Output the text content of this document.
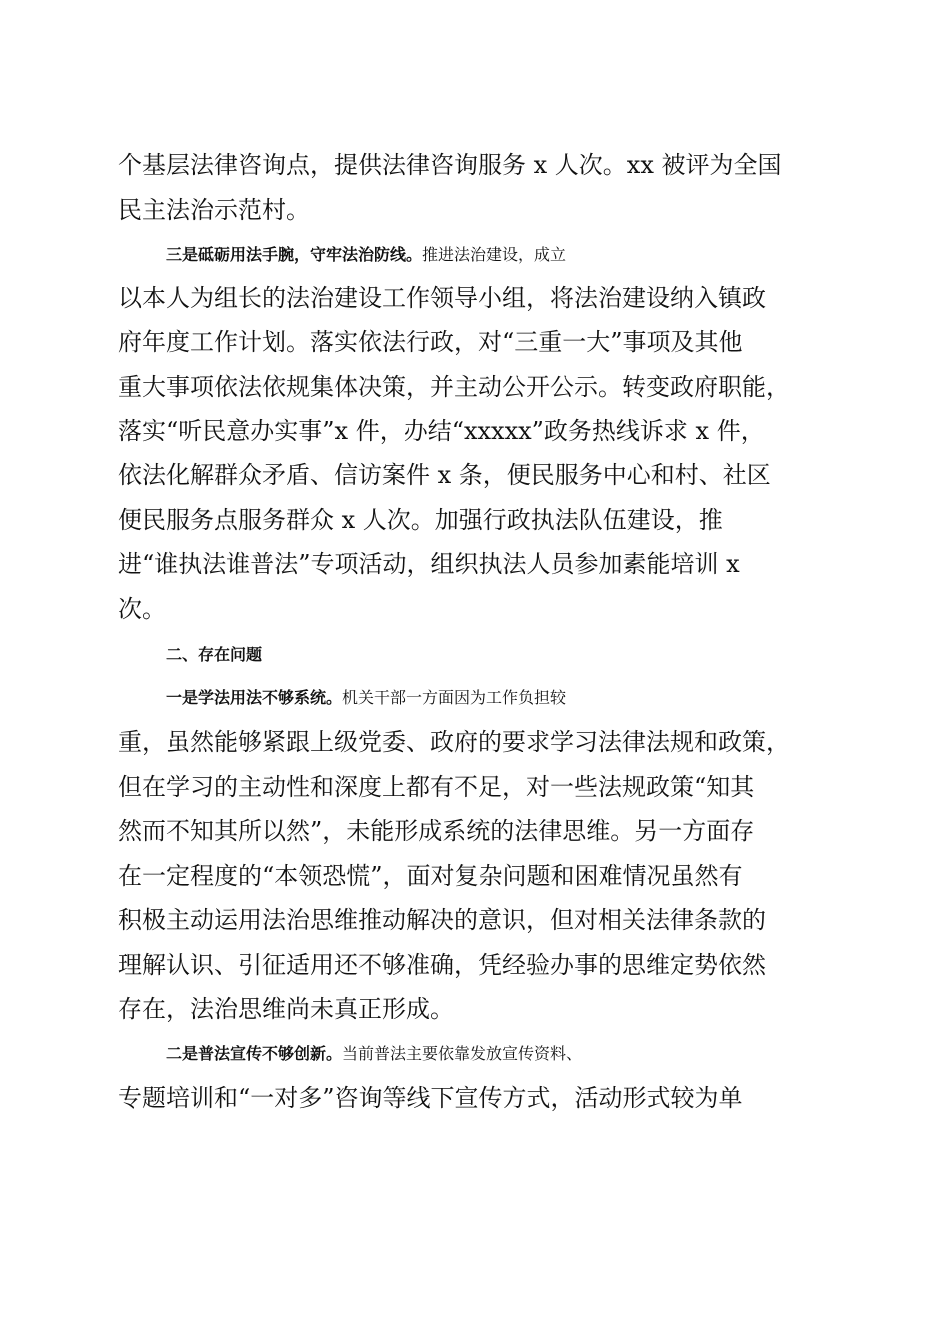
个基层法律咨询点，提供法律咨询服务 x 人次。xx 被评为全国
民主法治示范村。
三是砥砺用法手腕，守牢法治防线。推进法治建设，成立
以本人为组长的法治建设工作领导小组，将法治建设纳入镇政
府年度工作计划。落实依法行政，对“三重一大”事项及其他
重大事项依法依规集体决策，并主动公开公示。转变政府职能，
落实“听民意办实事”x 件，办结“xxxxx”政务热线诉求 x 件，
依法化解群众矛盾、信访案件 x 条，便民服务中心和村、社区
便民服务点服务群众 x 人次。加强行政执法队伍建设，推
进“谁执法谁普法”专项活动，组织执法人员参加素能培训 x
次。
二、存在问题
一是学法用法不够系统。机关干部一方面因为工作负担较
重，虽然能够紧跟上级党委、政府的要求学习法律法规和政策，
但在学习的主动性和深度上都有不足，对一些法规政策“知其
然而不知其所以然”，未能形成系统的法律思维。另一方面存
在一定程度的“本领恐慌”，面对复杂问题和困难情况虽然有
积极主动运用法治思维推动解决的意识，但对相关法律条款的
理解认识、引征适用还不够准确，凭经验办事的思维定势依然
存在，法治思维尚未真正形成。
二是普法宣传不够创新。当前普法主要依靠发放宣传资料、
专题培训和“一对多”咨询等线下宣传方式，活动形式较为单
